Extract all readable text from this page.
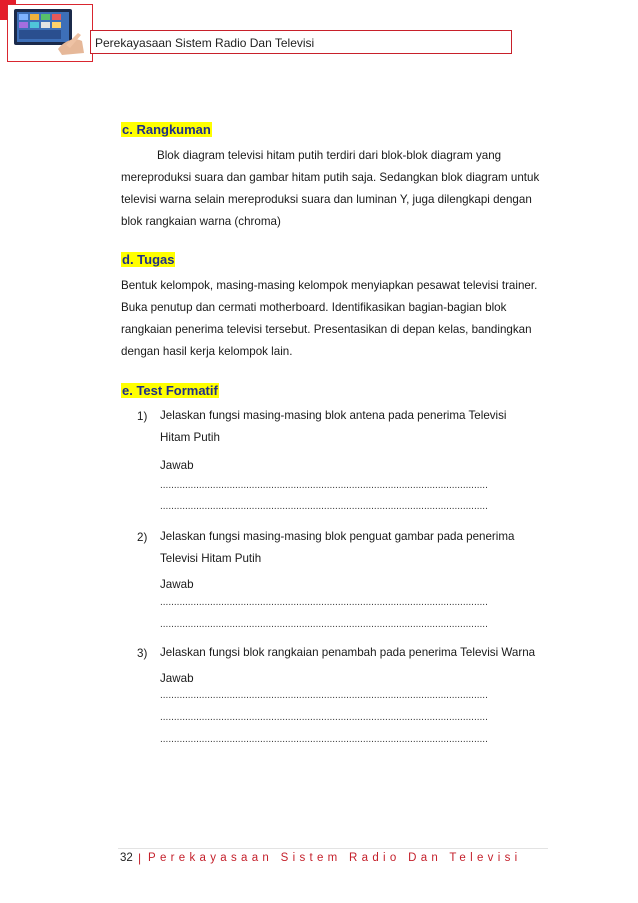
Perekayasaan Sistem Radio Dan Televisi
c. Rangkuman
Blok diagram televisi hitam putih terdiri dari blok-blok diagram yang
mereproduksi suara dan gambar hitam putih saja. Sedangkan blok diagram untuk
televisi warna selain mereproduksi suara dan luminan Y, juga dilengkapi dengan
blok rangkaian warna (chroma)
d. Tugas
Bentuk kelompok, masing-masing kelompok menyiapkan pesawat televisi trainer.
Buka penutup dan cermati motherboard. Identifikasikan bagian-bagian blok
rangkaian penerima televisi tersebut. Presentasikan di depan kelas, bandingkan
dengan hasil kerja kelompok lain.
e. Test Formatif
1) Jelaskan fungsi masing-masing blok antena pada penerima Televisi
Hitam Putih
Jawab
......................................................................................................................
......................................................................................................................
2) Jelaskan fungsi masing-masing blok penguat gambar pada penerima
Televisi Hitam Putih
Jawab
......................................................................................................................
......................................................................................................................
3) Jelaskan fungsi blok rangkaian penambah pada penerima Televisi Warna
Jawab
......................................................................................................................
......................................................................................................................
......................................................................................................................
32 | Perekayasaan Sistem Radio Dan Televisi
